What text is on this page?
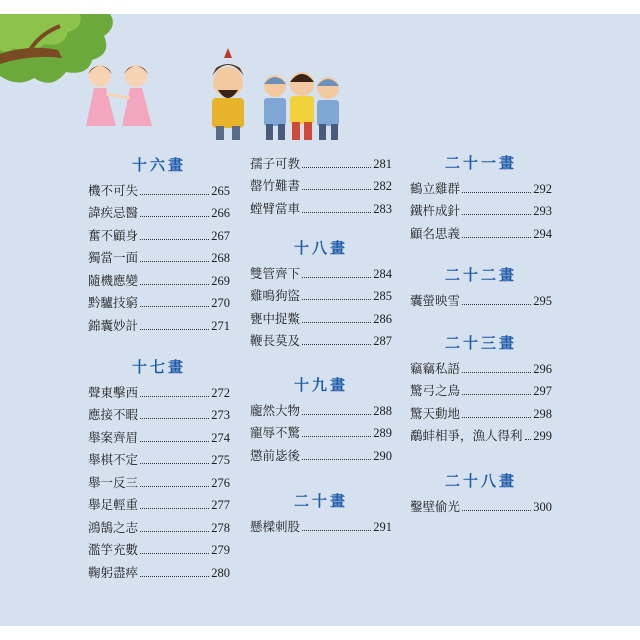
十六畫
機不可失	265
諱疾忌醫	266
奮不顧身	267
獨當一面	268
隨機應變	269
黔驢技窮	270
錦囊妙計	271
十七畫
聲東擊西	272
應接不暇	273
舉案齊眉	274
舉棋不定	275
舉一反三	276
舉足輕重	277
鴻鵠之志	278
濫竽充數	279
鞠躬盡瘁	280
孺子可教	281
罄竹難書	282
螳臂當車	283
十八畫
雙管齊下	284
雞鳴狗盜	285
甕中捉鱉	286
鞭長莫及	287
十九畫
龐然大物	288
寵辱不驚	289
懲前毖後	290
二十畫
懸樑刺股	291
二十一畫
鶴立雞群	292
鐵杵成針	293
顧名思義	294
二十二畫
囊螢映雪	295
二十三畫
竊竊私語	296
驚弓之鳥	297
驚天動地	298
鷸蚌相爭，漁人得利 299
二十八畫
鑿壁偷光	300
